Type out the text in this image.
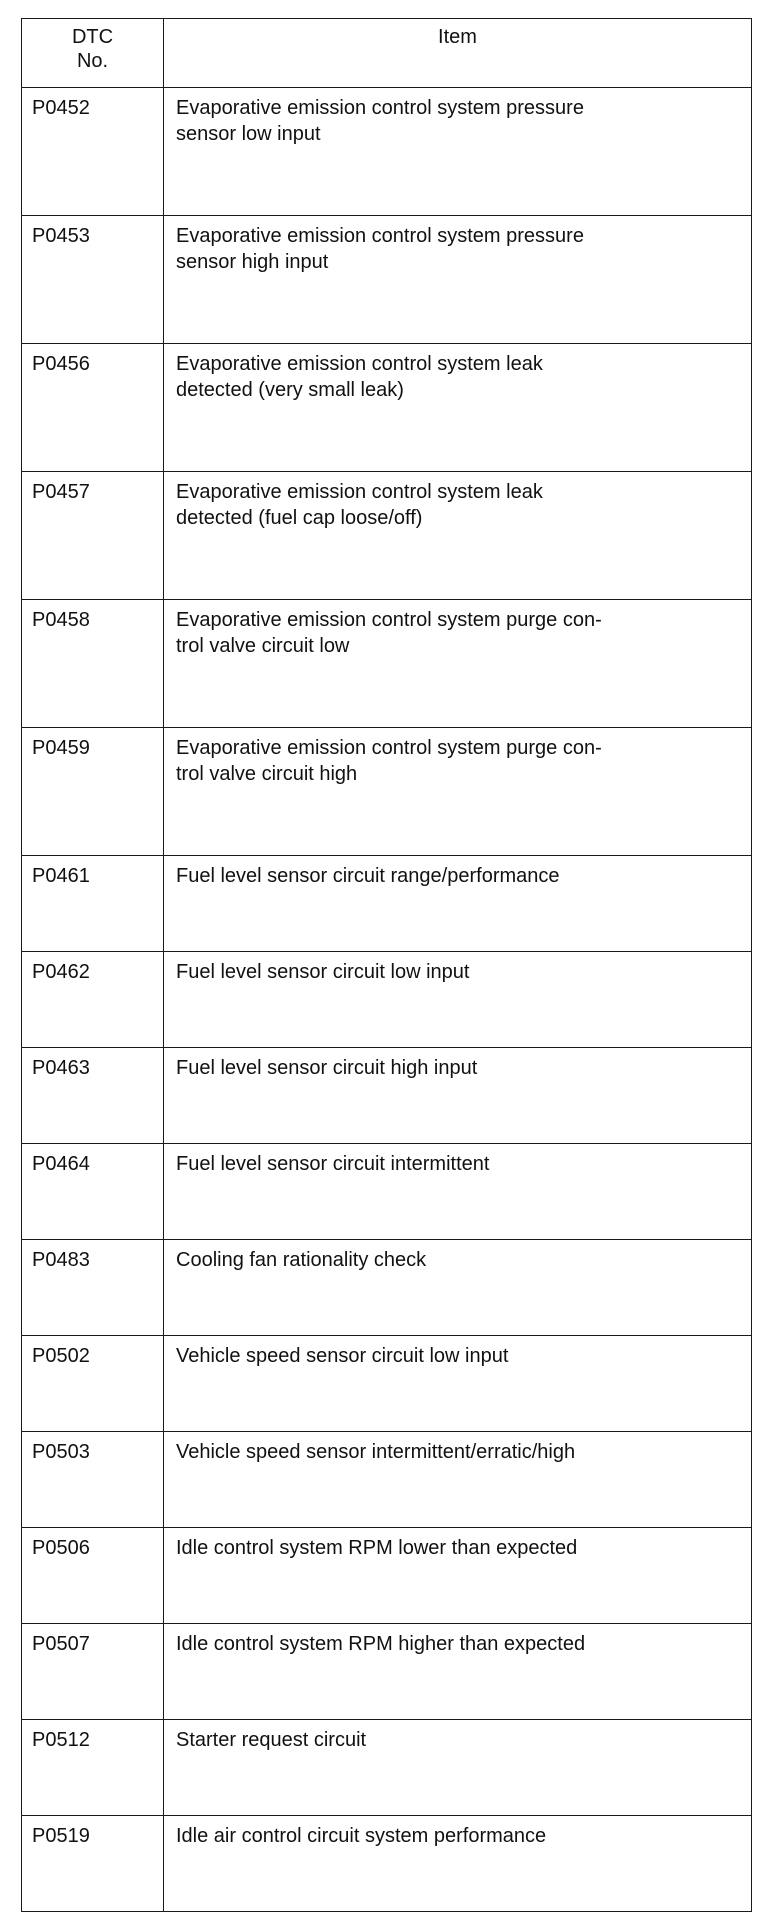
DTC
No.	Item
P0452	Evaporative emission control system pressure
sensor low input

P0453	Evaporative emission control system pressure
sensor high input

P0456	Evaporative emission control system leak
detected (very small leak)

P0457	Evaporative emission control system leak
detected (fuel cap loose/off)

P0458	Evaporative emission control system purge con-
trol valve circuit low

P0459	Evaporative emission control system purge con-
trol valve circuit high

P0461	Fuel level sensor circuit range/performance

P0462	Fuel level sensor circuit low input

P0463	Fuel level sensor circuit high input

P0464	Fuel level sensor circuit intermittent

P0483	Cooling fan rationality check

P0502	Vehicle speed sensor circuit low input

P0503	Vehicle speed sensor intermittent/erratic/high

P0506	Idle control system RPM lower than expected

P0507	Idle control system RPM higher than expected

P0512	Starter request circuit

P0519	Idle air control circuit system performance
